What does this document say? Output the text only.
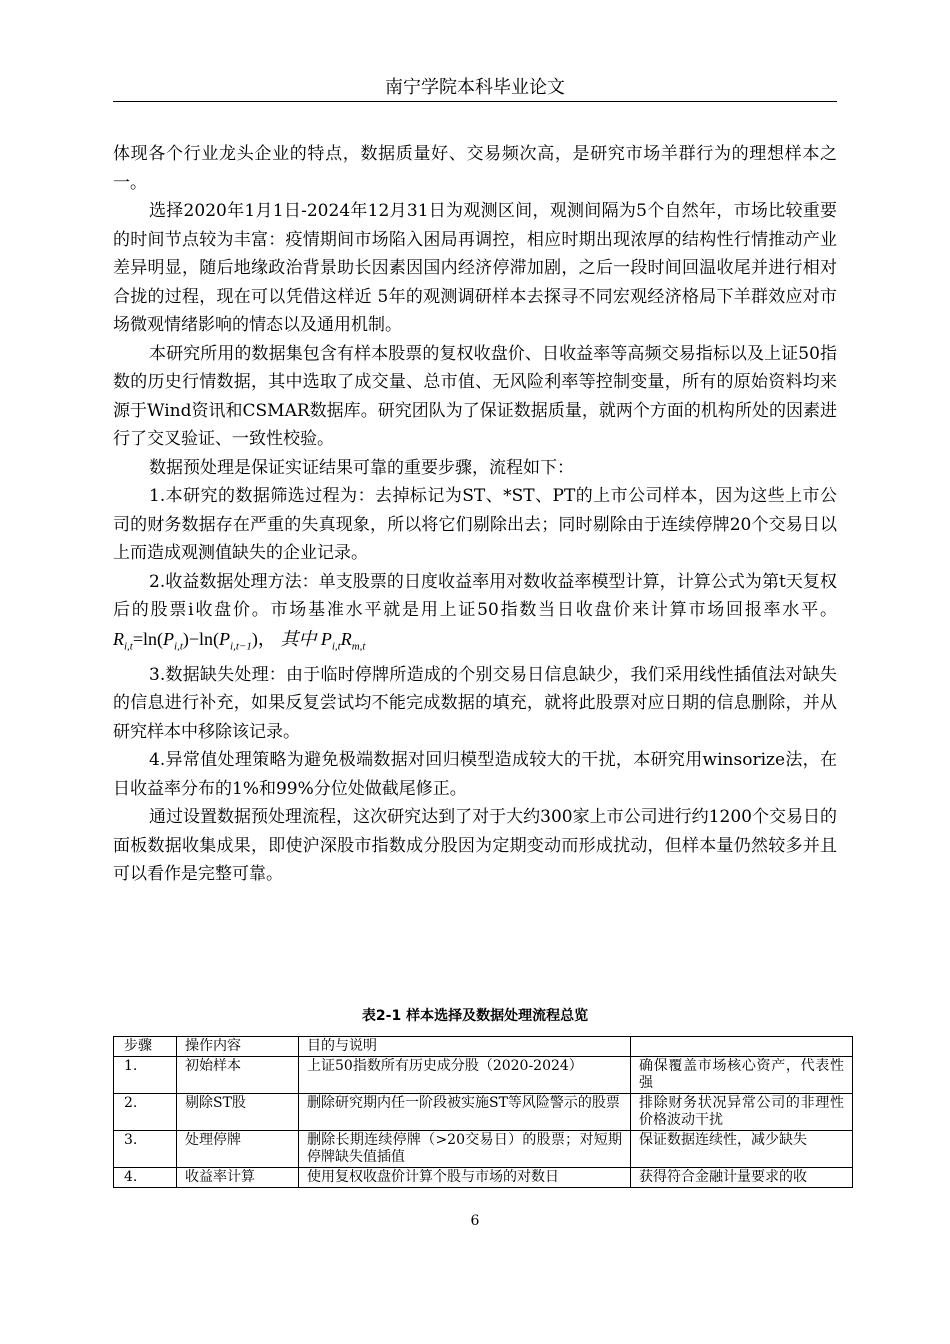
南宁学院本科毕业论文

体现各个行业龙头企业的特点，数据质量好、交易频次高，是研究市场羊群行为的理想样本之一。

选择2020年1月1日-2024年12月31日为观测区间，观测间隔为5个自然年，市场比较重要的时间节点较为丰富：疫情期间市场陷入困局再调控，相应时期出现浓厚的结构性行情推动产业差异明显，随后地缘政治背景助长因素因国内经济停滞加剧，之后一段时间回温收尾并进行相对合拢的过程，现在可以凭借这样近 5年的观测调研样本去探寻不同宏观经济格局下羊群效应对市场微观情绪影响的情态以及通用机制。

本研究所用的数据集包含有样本股票的复权收盘价、日收益率等高频交易指标以及上证50指数的历史行情数据，其中选取了成交量、总市值、无风险利率等控制变量，所有的原始资料均来源于Wind资讯和CSMAR数据库。研究团队为了保证数据质量，就两个方面的机构所处的因素进行了交叉验证、一致性校验。

数据预处理是保证实证结果可靠的重要步骤，流程如下：

1.本研究的数据筛选过程为：去掉标记为ST、*ST、PT的上市公司样本，因为这些上市公司的财务数据存在严重的失真现象，所以将它们剔除出去；同时剔除由于连续停牌20个交易日以上而造成观测值缺失的企业记录。

2.收益数据处理方法：单支股票的日度收益率用对数收益率模型计算，计算公式为第t天复权后的股票i收盘价。市场基准水平就是用上证50指数当日收盘价来计算市场回报率水平。$R_{i,t}=\ln(P_{i,t})-\ln(P_{i,t-1})$， 其中 $P_{i,t}R_{m,t}$

3.数据缺失处理：由于临时停牌所造成的个别交易日信息缺少，我们采用线性插值法对缺失的信息进行补充，如果反复尝试均不能完成数据的填充，就将此股票对应日期的信息删除，并从研究样本中移除该记录。

4.异常值处理策略为避免极端数据对回归模型造成较大的干扰，本研究用winsorize法，在日收益率分布的1%和99%分位处做截尾修正。

通过设置数据预处理流程，这次研究达到了对于大约300家上市公司进行约1200个交易日的面板数据收集成果，即使沪深股市指数成分股因为定期变动而形成扰动，但样本量仍然较多并且可以看作是完整可靠。

表2-1 样本选择及数据处理流程总览
步骤	操作内容	目的与说明	
1.	初始样本	上证50指数所有历史成分股（2020-2024）	确保覆盖市场核心资产，代表性强
2.	剔除ST股	删除研究期内任一阶段被实施ST等风险警示的股票	排除财务状况异常公司的非理性价格波动干扰
3.	处理停牌	删除长期连续停牌（>20交易日）的股票；对短期停牌缺失值插值	保证数据连续性，减少缺失
4.	收益率计算	使用复权收盘价计算个股与市场的对数日	获得符合金融计量要求的收
6
